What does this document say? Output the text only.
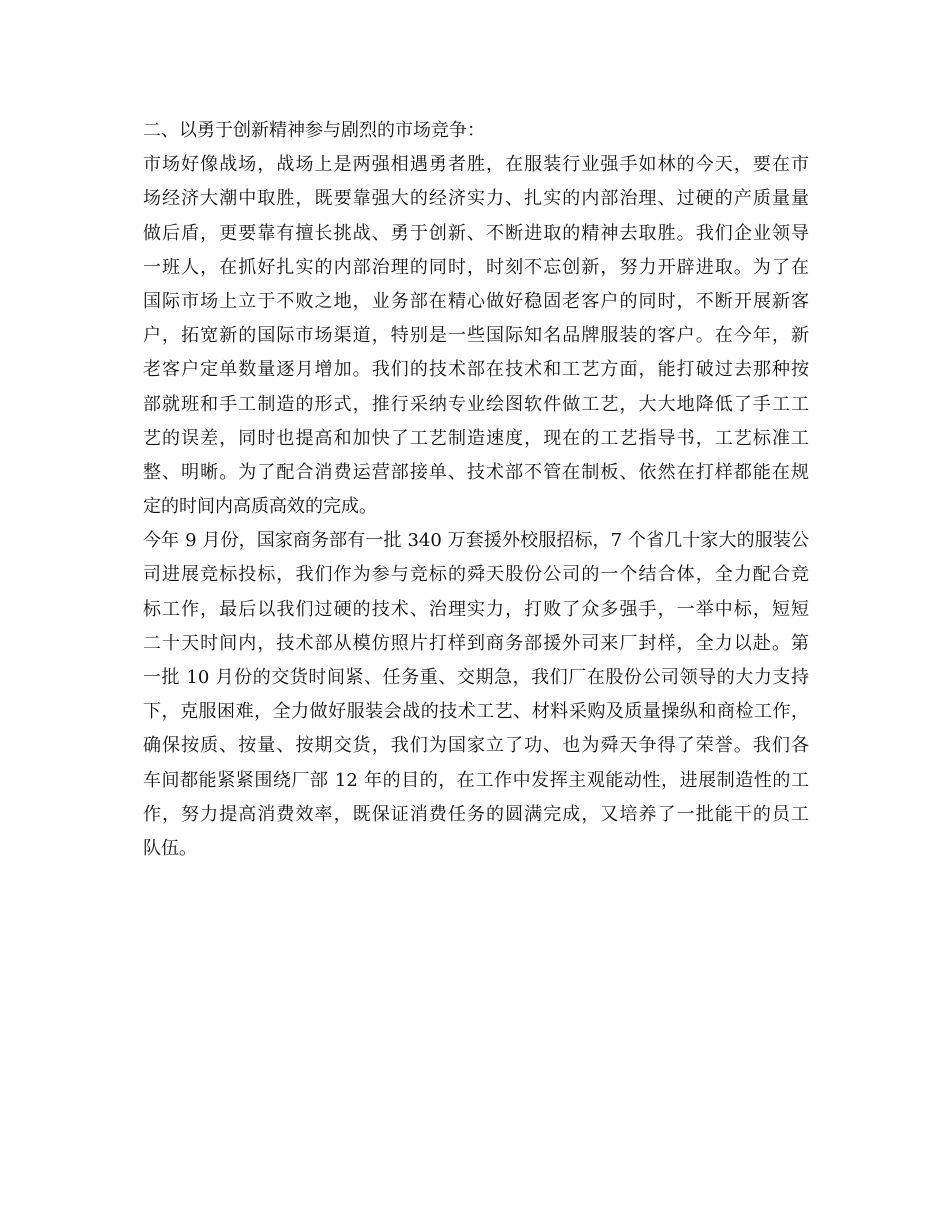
二、以勇于创新精神参与剧烈的市场竞争：
市场好像战场，战场上是两强相遇勇者胜，在服装行业强手如林的今天，要在市
场经济大潮中取胜，既要靠强大的经济实力、扎实的内部治理、过硬的产质量量
做后盾，更要靠有擅长挑战、勇于创新、不断进取的精神去取胜。我们企业领导
一班人，在抓好扎实的内部治理的同时，时刻不忘创新，努力开辟进取。为了在
国际市场上立于不败之地，业务部在精心做好稳固老客户的同时，不断开展新客
户，拓宽新的国际市场渠道，特别是一些国际知名品牌服装的客户。在今年，新
老客户定单数量逐月增加。我们的技术部在技术和工艺方面，能打破过去那种按
部就班和手工制造的形式，推行采纳专业绘图软件做工艺，大大地降低了手工工
艺的误差，同时也提高和加快了工艺制造速度，现在的工艺指导书，工艺标准工
整、明晰。为了配合消费运营部接单、技术部不管在制板、依然在打样都能在规
定的时间内高质高效的完成。
今年 9 月份，国家商务部有一批 340 万套援外校服招标，7 个省几十家大的服装公
司进展竞标投标，我们作为参与竞标的舜天股份公司的一个结合体，全力配合竞
标工作，最后以我们过硬的技术、治理实力，打败了众多强手，一举中标，短短
二十天时间内，技术部从模仿照片打样到商务部援外司来厂封样，全力以赴。第
一批 10 月份的交货时间紧、任务重、交期急，我们厂在股份公司领导的大力支持
下，克服困难，全力做好服装会战的技术工艺、材料采购及质量操纵和商检工作，
确保按质、按量、按期交货，我们为国家立了功、也为舜天争得了荣誉。我们各
车间都能紧紧围绕厂部 12 年的目的，在工作中发挥主观能动性，进展制造性的工
作，努力提高消费效率，既保证消费任务的圆满完成，又培养了一批能干的员工
队伍。
